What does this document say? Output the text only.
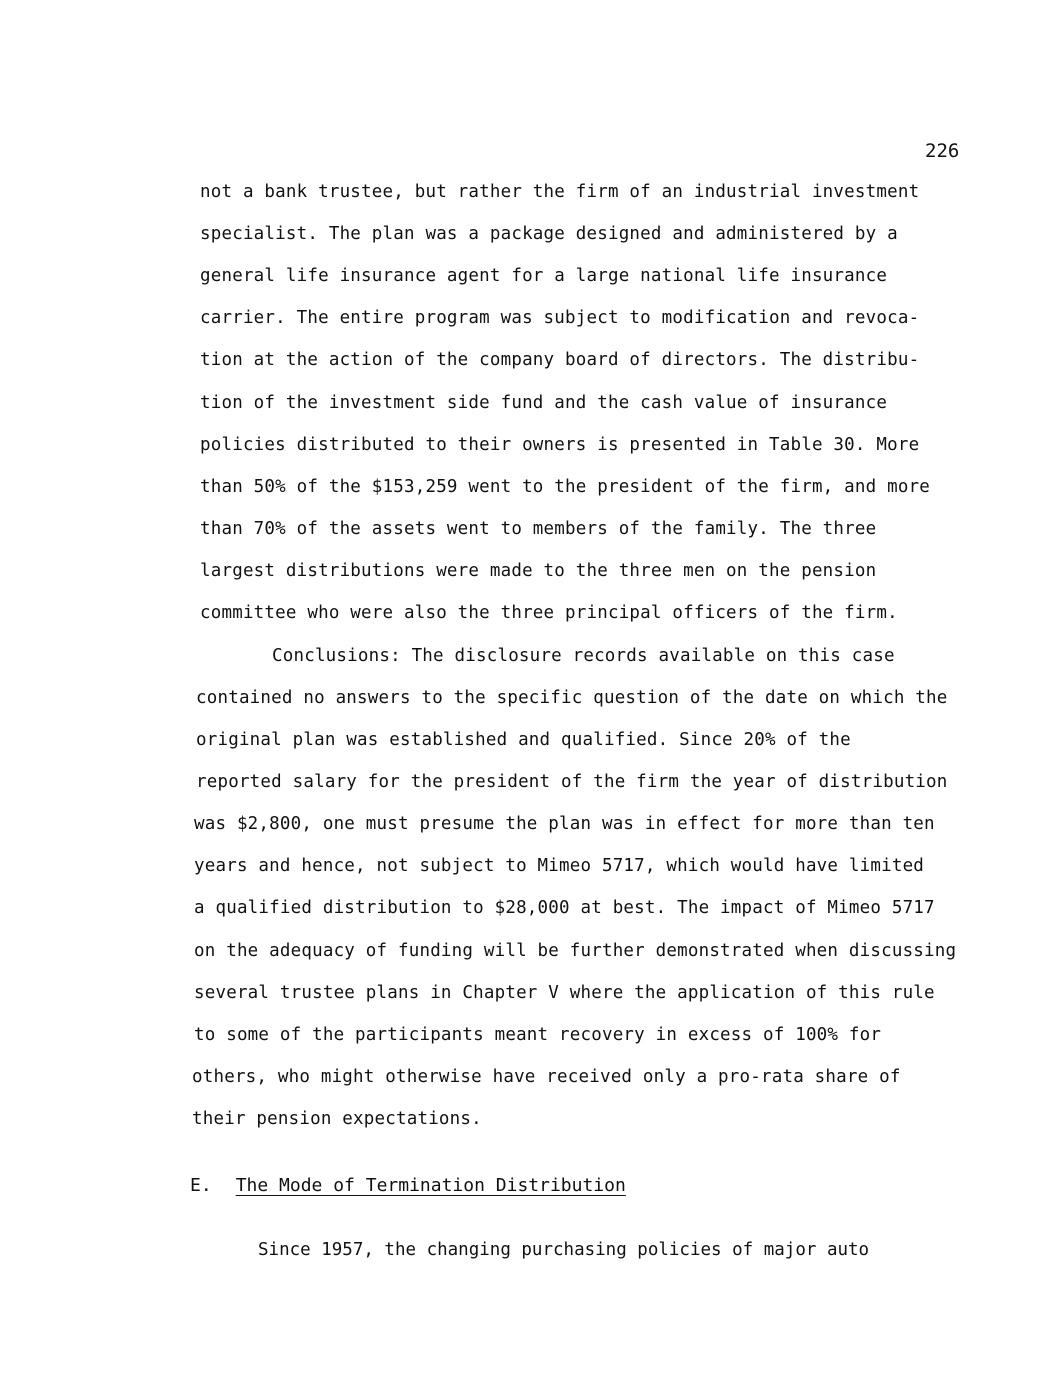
226
not a bank trustee, but rather the firm of an industrial investment
specialist. The plan was a package designed and administered by a
general life insurance agent for a large national life insurance
carrier. The entire program was subject to modification and revoca-
tion at the action of the company board of directors. The distribu-
tion of the investment side fund and the cash value of insurance
policies distributed to their owners is presented in Table 30. More
than 50% of the $153,259 went to the president of the firm, and more
than 70% of the assets went to members of the family. The three
largest distributions were made to the three men on the pension
committee who were also the three principal officers of the firm.
Conclusions: The disclosure records available on this case
contained no answers to the specific question of the date on which the
original plan was established and qualified. Since 20% of the
reported salary for the president of the firm the year of distribution
was $2,800, one must presume the plan was in effect for more than ten
years and hence, not subject to Mimeo 5717, which would have limited
a qualified distribution to $28,000 at best. The impact of Mimeo 5717
on the adequacy of funding will be further demonstrated when discussing
several trustee plans in Chapter V where the application of this rule
to some of the participants meant recovery in excess of 100% for
others, who might otherwise have received only a pro-rata share of
their pension expectations.
E. The Mode of Termination Distribution
Since 1957, the changing purchasing policies of major auto
